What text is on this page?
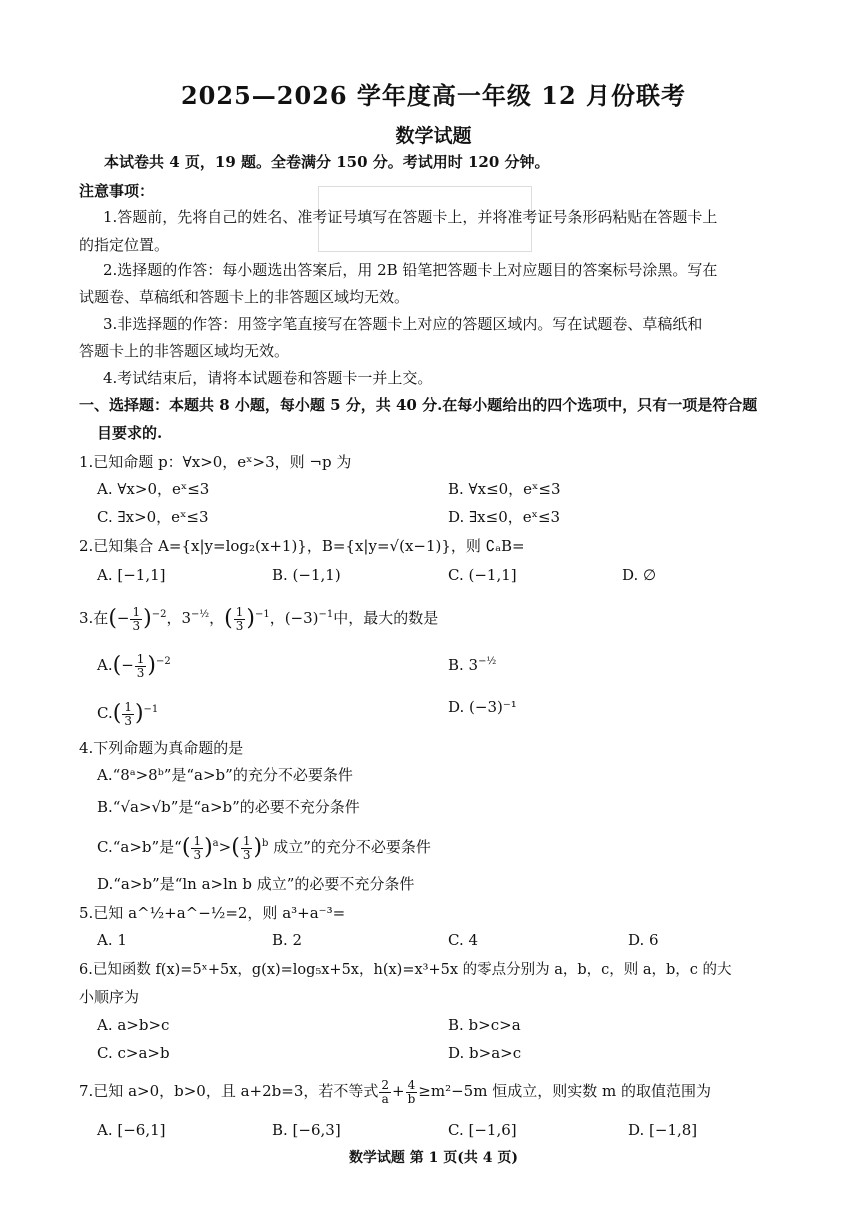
2025—2026 学年度高一年级 12 月份联考
数学试题
本试卷共 4 页，19 题。全卷满分 150 分。考试用时 120 分钟。
注意事项：
1.答题前，先将自己的姓名、准考证号填写在答题卡上，并将准考证号条形码粘贴在答题卡上
的指定位置。
2.选择题的作答：每小题选出答案后，用 2B 铅笔把答题卡上对应题目的答案标号涂黑。写在
试题卷、草稿纸和答题卡上的非答题区域均无效。
3.非选择题的作答：用签字笔直接写在答题卡上对应的答题区域内。写在试题卷、草稿纸和
答题卡上的非答题区域均无效。
4.考试结束后，请将本试题卷和答题卡一并上交。
一、选择题：本题共 8 小题，每小题 5 分，共 40 分.在每小题给出的四个选项中，只有一项是符合题
目要求的.
1.已知命题 p：∀x>0，eˣ>3，则 ¬p 为
A. ∀x>0，eˣ≤3	B. ∀x≤0，eˣ≤3
C. ∃x>0，eˣ≤3	D. ∃x≤0，eˣ≤3
2.已知集合 A={x|y=log₂(x+1)}，B={x|y=√(x−1)}，则 ∁ₐB=
A. [−1,1]	B. (−1,1)	C. (−1,1]	D. ∅
3.在(− $\frac{1}{3} )^{-2}$，$3^{-\frac{1}{2}}$，( $\frac{1}{3} )^{-1}$，$(-3)^{-1}$中，最大的数是
$A.(- \frac{1}{3} )^{-2}$	B. $3^{-\frac{1}{2}}$
$C.( \frac{1}{3} )^{-1}$	D. (−3)⁻¹
4.下列命题为真命题的是
A.“8ᵃ>8ᵇ”是“a>b”的充分不必要条件
B.“√a>√b”是“a>b”的必要不充分条件
C.“a>b”是“( $\frac{1}{3} )^a>( \frac{1}{3} )^b$ 成立”的充分不必要条件
D.“a>b”是“ln a>ln b 成立”的必要不充分条件
5.已知 a^½+a^−½=2，则 a³+a⁻³=
A. 1	B. 2	C. 4	D. 6
6.已知函数 f(x)=5ˣ+5x，g(x)=log₅x+5x，h(x)=x³+5x 的零点分别为 a，b，c，则 a，b，c 的大
小顺序为
A. a>b>c	B. b>c>a
C. c>a>b	D. b>a>c
7.已知 a>0，b>0，且 a+2b=3，若不等式 $\frac{2}{a} + \frac{4}{b} \ge m^2-5m$ 恒成立，则实数 m 的取值范围为
A. [−6,1]	B. [−6,3]	C. [−1,6]	D. [−1,8]
数学试题 第 1 页(共 4 页)
